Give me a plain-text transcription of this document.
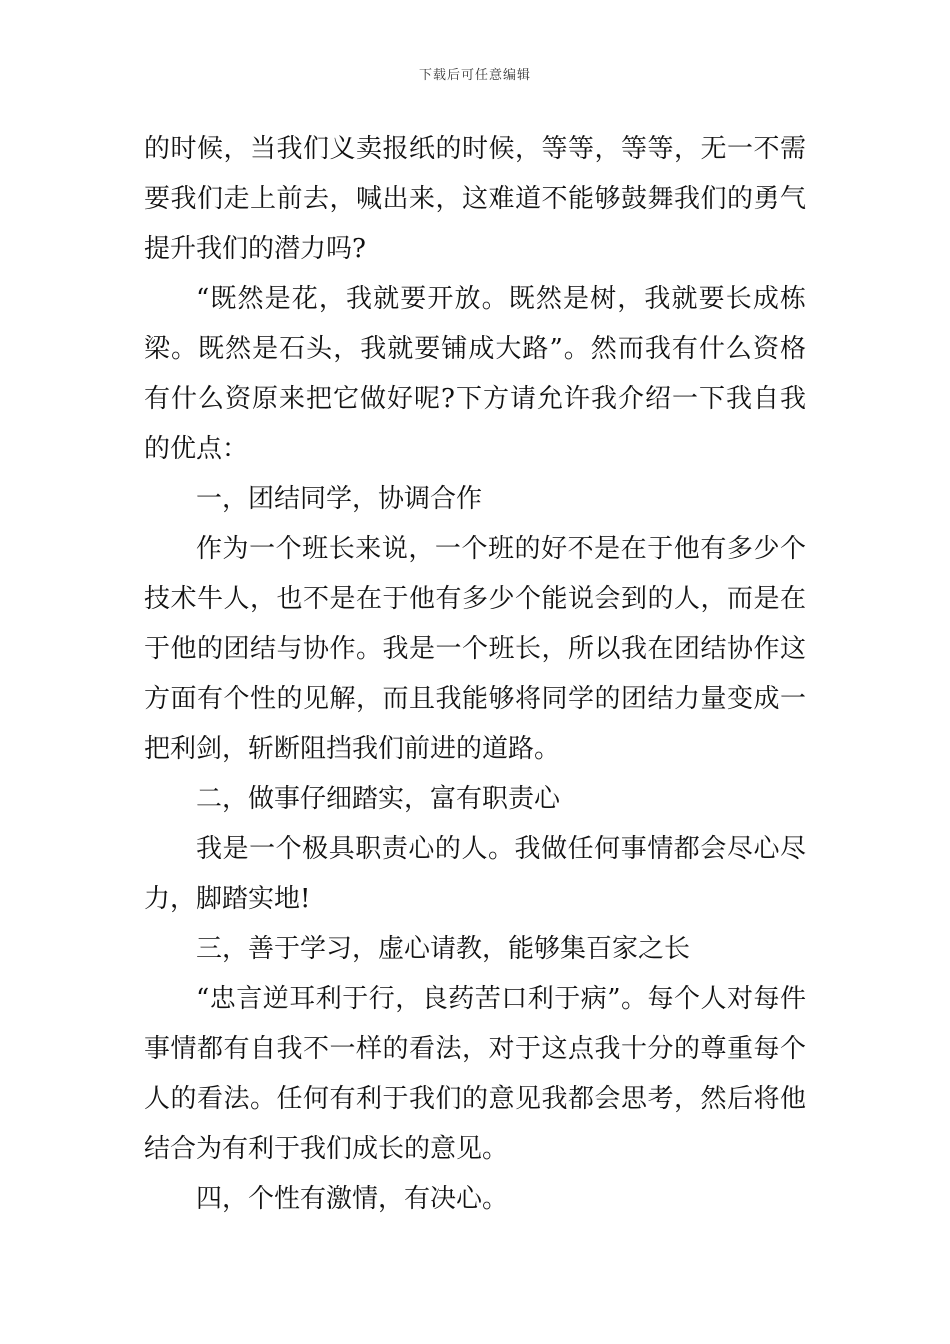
下载后可任意编辑

的时候，当我们义卖报纸的时候，等等，等等，无一不需要我们走上前去，喊出来，这难道不能够鼓舞我们的勇气提升我们的潜力吗?

“既然是花，我就要开放。既然是树，我就要长成栋梁。既然是石头，我就要铺成大路”。然而我有什么资格有什么资原来把它做好呢?下方请允许我介绍一下我自我的优点：

一，团结同学，协调合作

作为一个班长来说，一个班的好不是在于他有多少个技术牛人，也不是在于他有多少个能说会到的人，而是在于他的团结与协作。我是一个班长，所以我在团结协作这方面有个性的见解，而且我能够将同学的团结力量变成一把利剑，斩断阻挡我们前进的道路。

二，做事仔细踏实，富有职责心

我是一个极具职责心的人。我做任何事情都会尽心尽力，脚踏实地!

三，善于学习，虚心请教，能够集百家之长

“忠言逆耳利于行，良药苦口利于病”。每个人对每件事情都有自我不一样的看法，对于这点我十分的尊重每个人的看法。任何有利于我们的意见我都会思考，然后将他结合为有利于我们成长的意见。

四，个性有激情，有决心。
